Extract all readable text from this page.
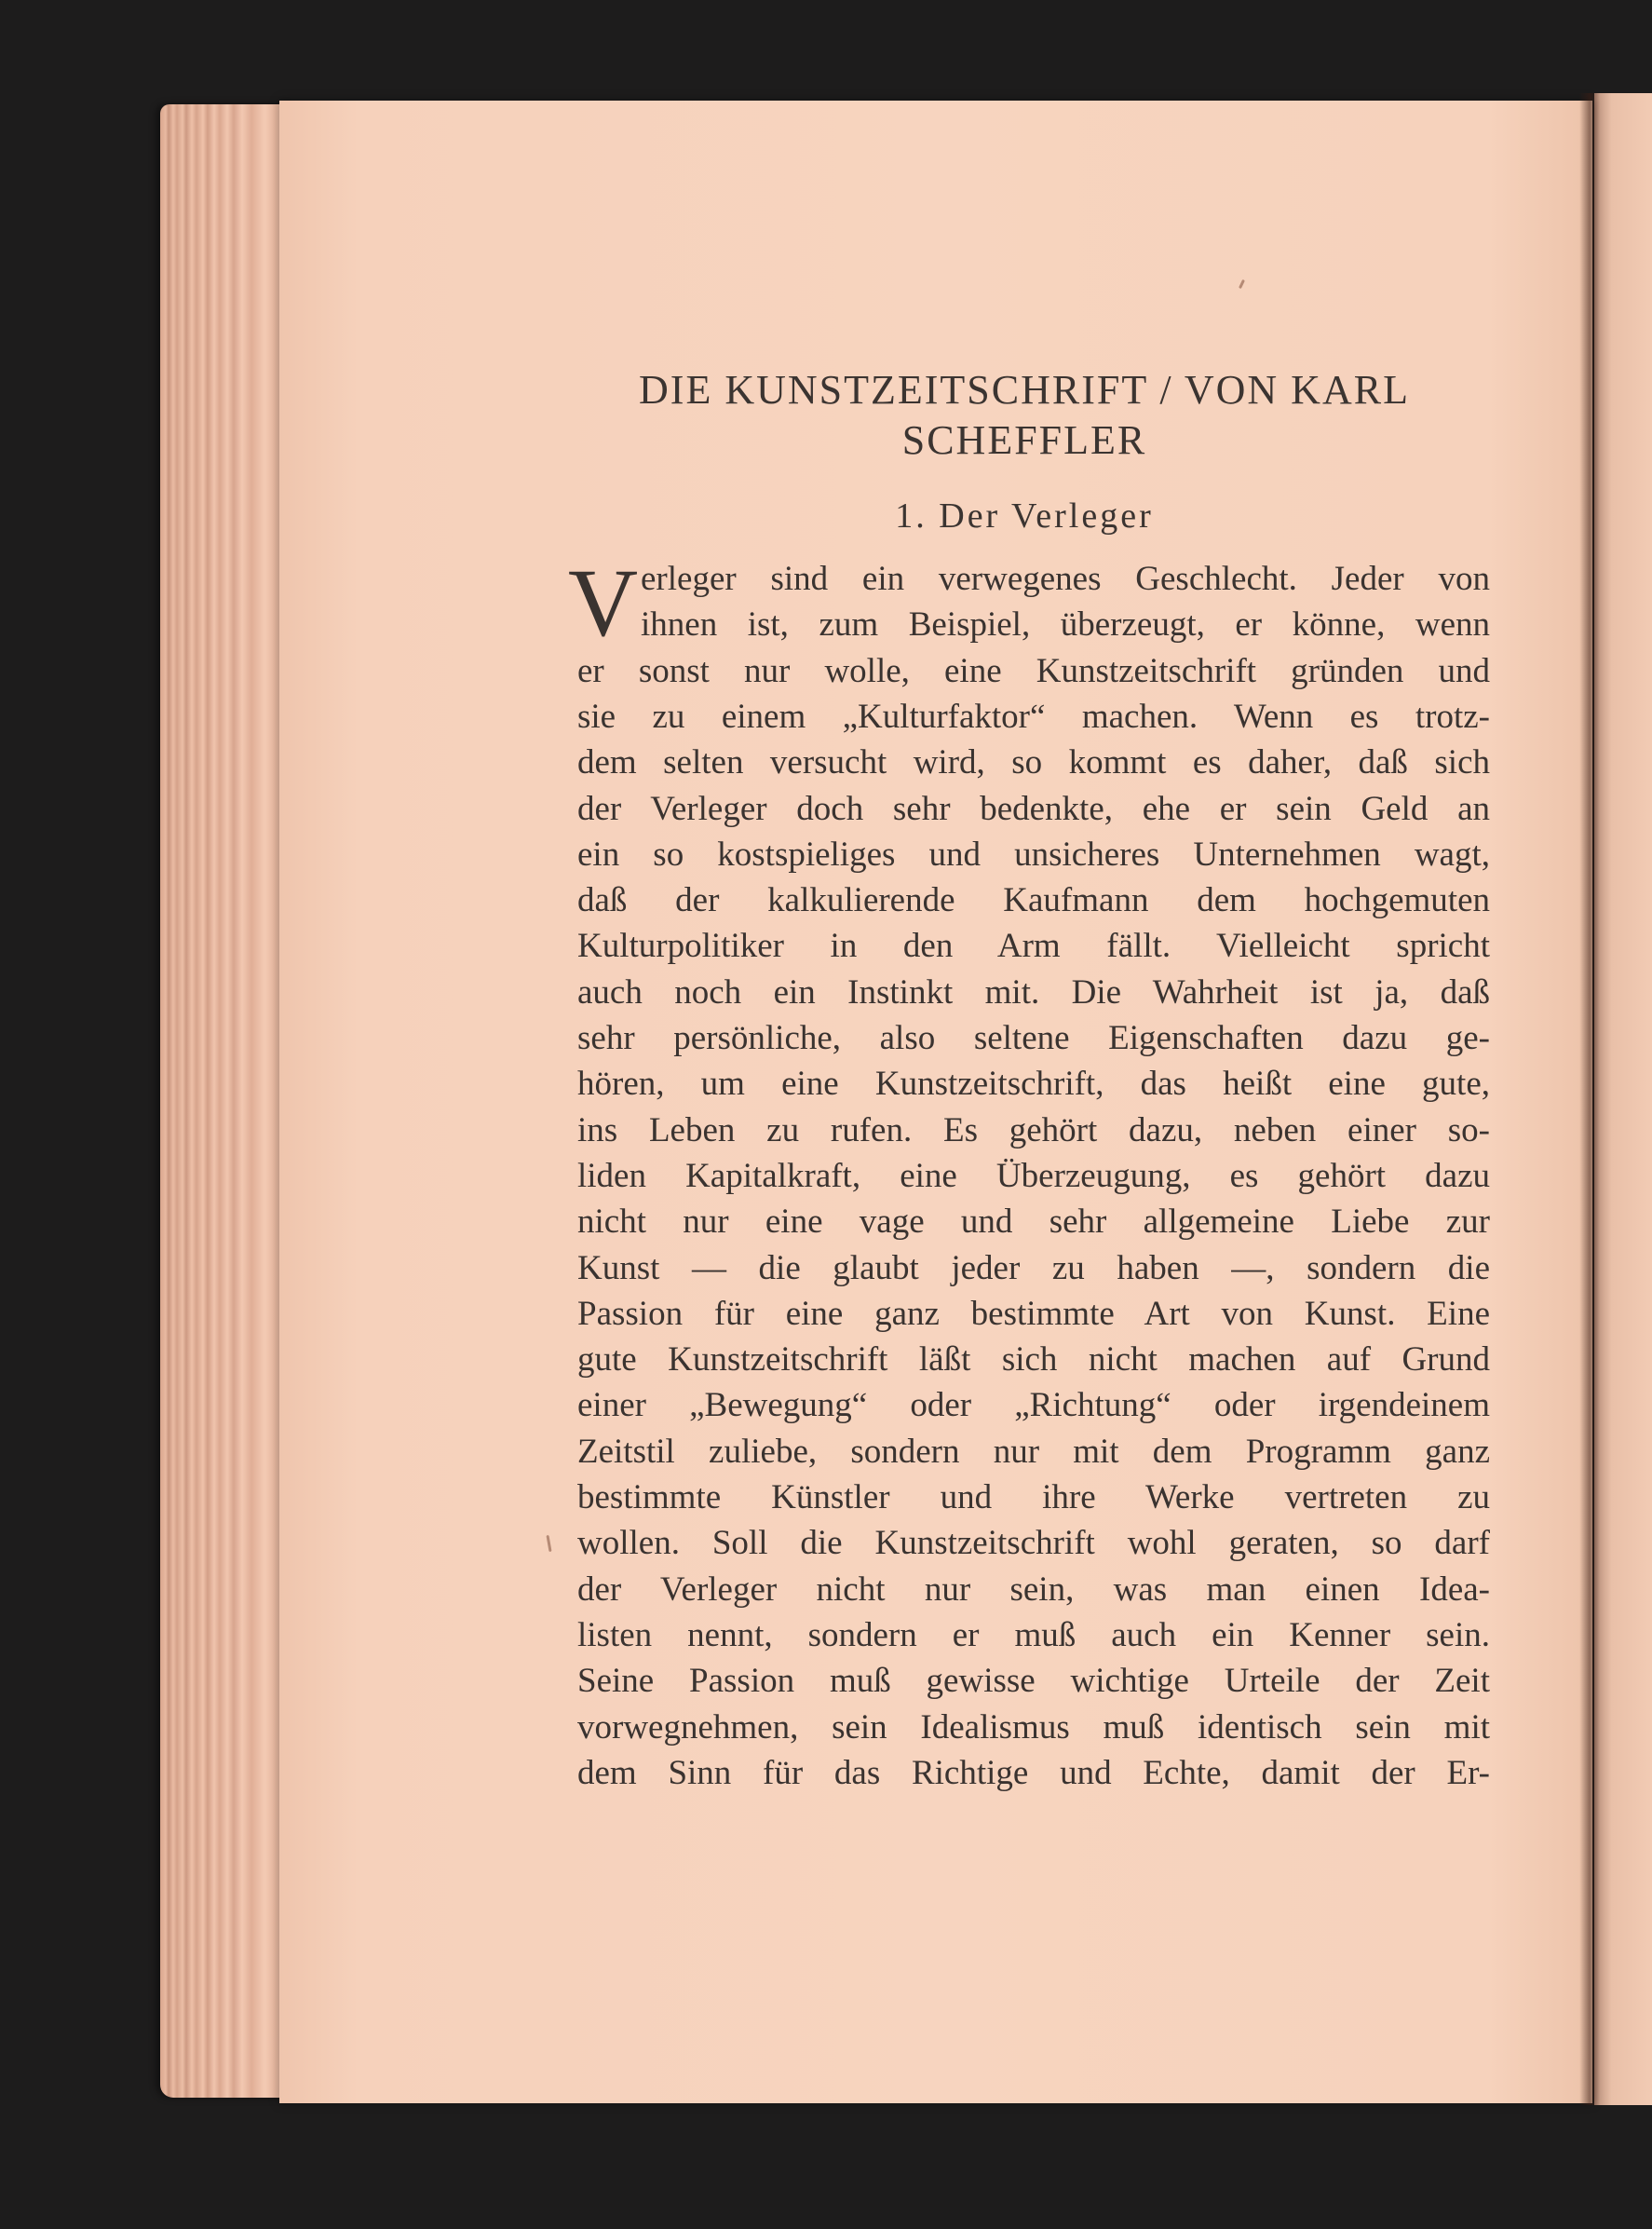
DIE KUNSTZEITSCHRIFT / VON KARL
SCHEFFLER
1. Der Verleger
V erleger sind ein verwegenes Geschlecht. Jeder von
ihnen ist, zum Beispiel, überzeugt, er könne, wenn
er sonst nur wolle, eine Kunstzeitschrift gründen und
sie zu einem „Kulturfaktor“ machen. Wenn es trotz-
dem selten versucht wird, so kommt es daher, daß sich
der Verleger doch sehr bedenkte, ehe er sein Geld an
ein so kostspieliges und unsicheres Unternehmen wagt,
daß der kalkulierende Kaufmann dem hochgemuten
Kulturpolitiker in den Arm fällt. Vielleicht spricht
auch noch ein Instinkt mit. Die Wahrheit ist ja, daß
sehr persönliche, also seltene Eigenschaften dazu ge-
hören, um eine Kunstzeitschrift, das heißt eine gute,
ins Leben zu rufen. Es gehört dazu, neben einer so-
liden Kapitalkraft, eine Überzeugung, es gehört dazu
nicht nur eine vage und sehr allgemeine Liebe zur
Kunst — die glaubt jeder zu haben —, sondern die
Passion für eine ganz bestimmte Art von Kunst. Eine
gute Kunstzeitschrift läßt sich nicht machen auf Grund
einer „Bewegung“ oder „Richtung“ oder irgendeinem
Zeitstil zuliebe, sondern nur mit dem Programm ganz
bestimmte Künstler und ihre Werke vertreten zu
wollen. Soll die Kunstzeitschrift wohl geraten, so darf
der Verleger nicht nur sein, was man einen Idea-
listen nennt, sondern er muß auch ein Kenner sein.
Seine Passion muß gewisse wichtige Urteile der Zeit
vorwegnehmen, sein Idealismus muß identisch sein mit
dem Sinn für das Richtige und Echte, damit der Er-
